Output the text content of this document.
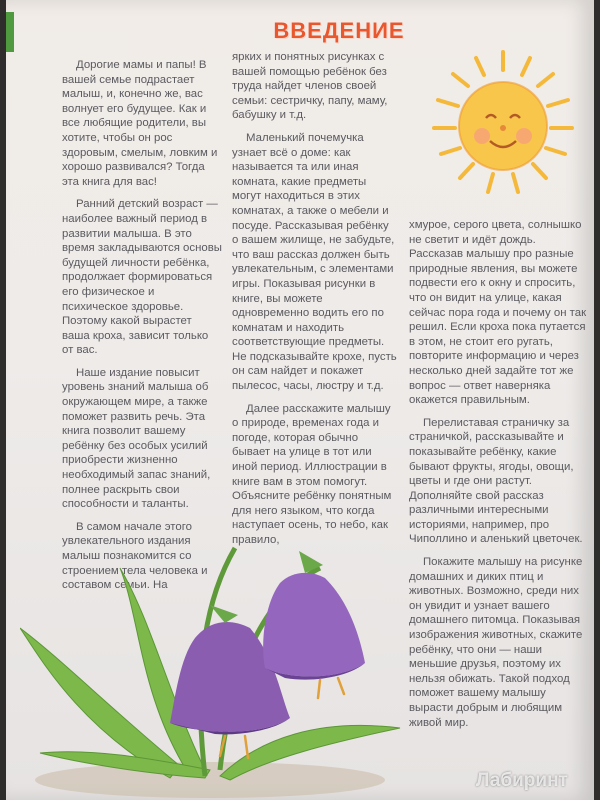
ВВЕДЕНИЕ

Дорогие мамы и папы! В вашей семье подрастает малыш, и, конечно же, вас волнует его будущее. Как и все любящие родители, вы хотите, чтобы он рос здоровым, смелым, ловким и хорошо развивался? Тогда эта книга для вас!

Ранний детский возраст — наиболее важный период в развитии малыша. В это время закладываются основы будущей личности ребёнка, продолжает формироваться его физическое и психическое здоровье. Поэтому какой вырастет ваша кроха, зависит только от вас.

Наше издание повысит уровень знаний малыша об окружающем мире, а также поможет развить речь. Эта книга позволит вашему ребёнку без особых усилий приобрести жизненно необходимый запас знаний, полнее раскрыть свои способности и таланты.

В самом начале этого увлекательного издания малыш познакомится со строением тела человека и составом семьи. На

ярких и понятных рисунках с вашей помощью ребёнок без труда найдет членов своей семьи: сестричку, папу, маму, бабушку и т.д.

Маленький почемучка узнает всё о доме: как называется та или иная комната, какие предметы могут находиться в этих комнатах, а также о мебели и посуде. Рассказывая ребёнку о вашем жилище, не забудьте, что ваш рассказ должен быть увлекательным, с элементами игры. Показывая рисунки в книге, вы можете одновременно водить его по комнатам и находить соответствующие предметы. Не подсказывайте крохе, пусть он сам найдет и покажет пылесос, часы, люстру и т.д.

Далее расскажите малышу о природе, временах года и погоде, которая обычно бывает на улице в тот или иной период. Иллюстрации в книге вам в этом помогут. Объясните ребёнку понятным для него языком, что когда наступает осень, то небо, как правило,

хмурое, серого цвета, солнышко не светит и идёт дождь. Рассказав малышу про разные природные явления, вы можете подвести его к окну и спросить, что он видит на улице, какая сейчас пора года и почему он так решил. Если кроха пока путается в этом, не стоит его ругать, повторите информацию и через несколько дней задайте тот же вопрос — ответ наверняка окажется правильным.

Перелиставая страничку за страничкой, рассказывайте и показывайте ребёнку, какие бывают фрукты, ягоды, овощи, цветы и где они растут. Дополняйте свой рассказ различными интересными историями, например, про Чиполлино и аленький цветочек.

Покажите малышу на рисунке домашних и диких птиц и животных. Возможно, среди них он увидит и узнает вашего домашнего питомца. Показывая изображения животных, скажите ребёнку, что они — наши меньшие друзья, поэтому их нельзя обижать. Такой подход поможет вашему малышу вырасти добрым и любящим живой мир.

Лабиринт
